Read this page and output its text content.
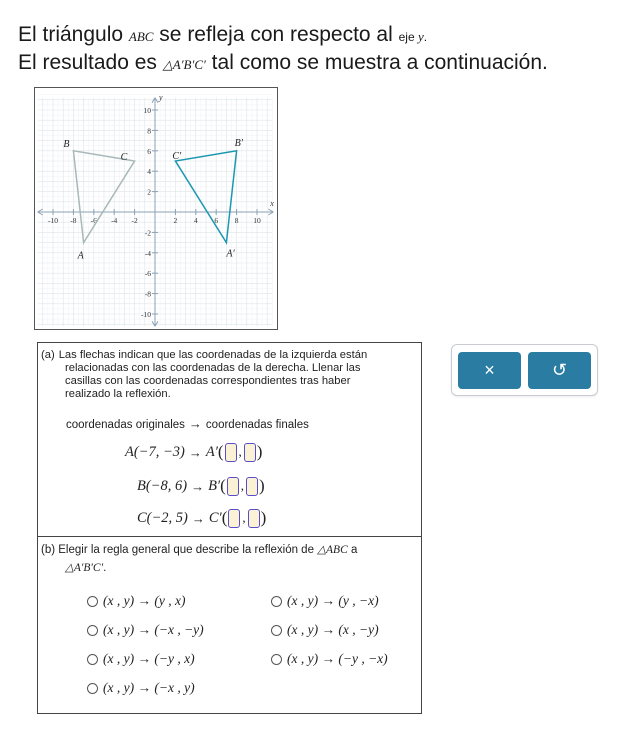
El triángulo ABC se refleja con respecto al eje y.
El resultado es △A′B′C′ tal como se muestra a continuación.
-10 -8 -6 -4 -2	2 4 6 8 10
10
8
6
4
2
-2
-4
-6
-8
-10
x
y
A
B
C
A′
B′
C′
(a) Las flechas indican que las coordenadas de la izquierda están
relacionadas con las coordenadas de la derecha. Llenar las
casillas con las coordenadas correspondientes tras haber
realizado la reflexión.
coordenadas originales → coordenadas finales
A(−7, −3) → A′ ( , )
B(−8, 6) → B′ ( , )
C(−2, 5) → C′ ( , )
(b) Elegir la regla general que describe la reflexión de △ABC a
△A′B′C′.
(x , y) → (y , x)	(x , y) → (y , −x)
(x , y) → (−x , −y)	(x , y) → (x , −y)
(x , y) → (−y , x)	(x , y) → (−y , −x)
(x , y) → (−x , y)
×	↺
